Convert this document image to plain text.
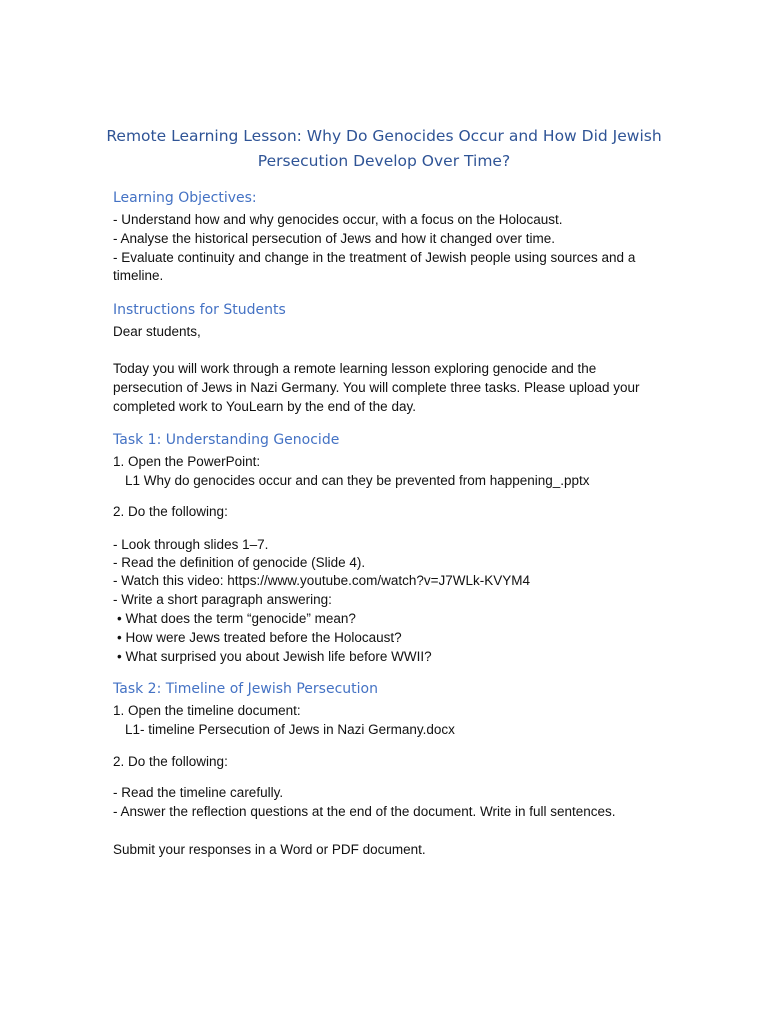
Remote Learning Lesson: Why Do Genocides Occur and How Did Jewish
Persecution Develop Over Time?
Learning Objectives:

- Understand how and why genocides occur, with a focus on the Holocaust.

- Analyse the historical persecution of Jews and how it changed over time.

- Evaluate continuity and change in the treatment of Jewish people using sources and a

timeline.

Instructions for Students

Dear students,

Today you will work through a remote learning lesson exploring genocide and the

persecution of Jews in Nazi Germany. You will complete three tasks. Please upload your

completed work to YouLearn by the end of the day.

Task 1: Understanding Genocide

1. Open the PowerPoint:

L1 Why do genocides occur and can they be prevented from happening_.pptx

2. Do the following:

- Look through slides 1–7.

- Read the definition of genocide (Slide 4).

- Watch this video: https://www.youtube.com/watch?v=J7WLk-KVYM4

- Write a short paragraph answering:

• What does the term “genocide” mean?

• How were Jews treated before the Holocaust?

• What surprised you about Jewish life before WWII?

Task 2: Timeline of Jewish Persecution

1. Open the timeline document:

L1- timeline Persecution of Jews in Nazi Germany.docx

2. Do the following:

- Read the timeline carefully.

- Answer the reflection questions at the end of the document. Write in full sentences.

Submit your responses in a Word or PDF document.
